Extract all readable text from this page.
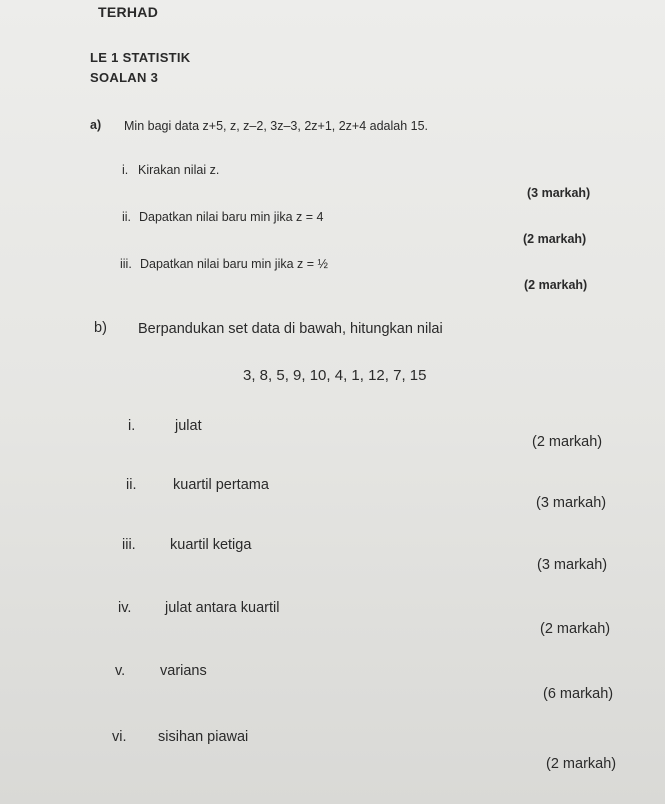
TERHAD
LE 1 STATISTIK
SOALAN 3
a) Min bagi data z+5, z, z–2, 3z–3, 2z+1, 2z+4 adalah 15.
i. Kirakan nilai z.
(3 markah)
ii. Dapatkan nilai baru min jika z = 4
(2 markah)
iii. Dapatkan nilai baru min jika z = ½
(2 markah)
b) Berpandukan set data di bawah, hitungkan nilai
3, 8, 5, 9, 10, 4, 1, 12, 7, 15
i.	julat
(2 markah)
ii.	kuartil pertama
(3 markah)
iii. kuartil ketiga
(3 markah)
iv. julat antara kuartil
(2 markah)
v. varians
(6 markah)
vi. sisihan piawai
(2 markah)
